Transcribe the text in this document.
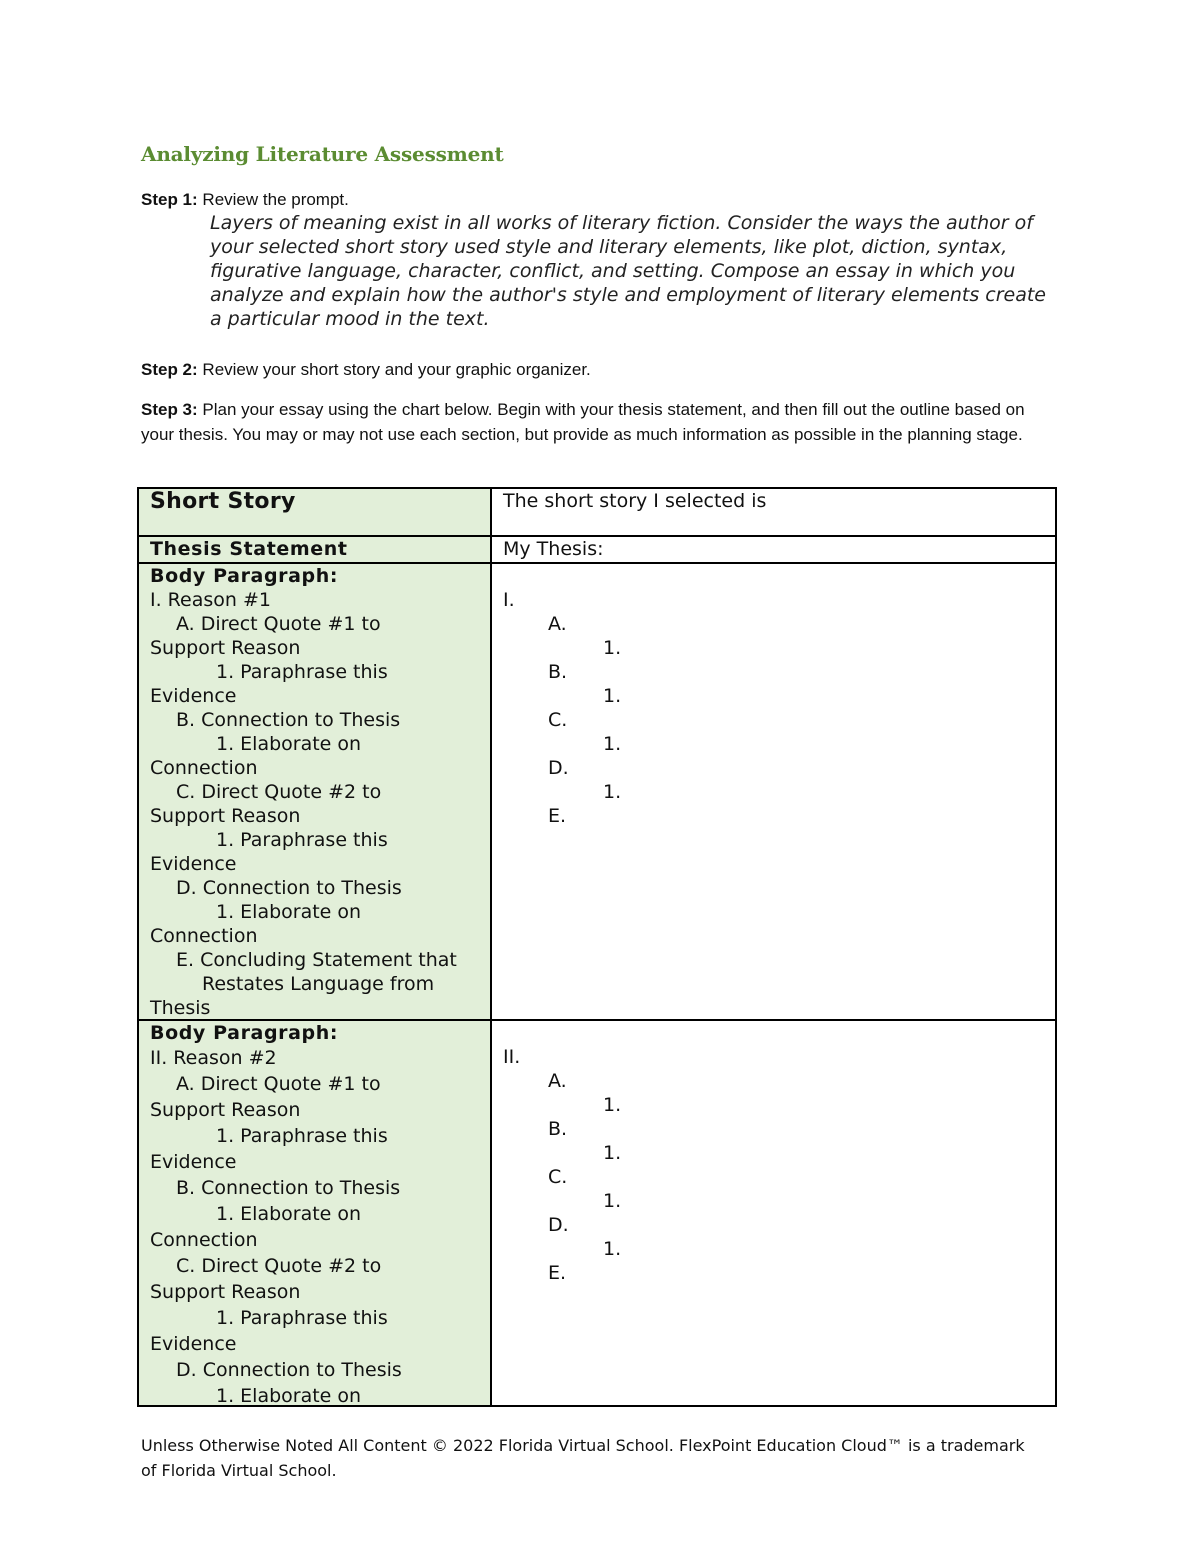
Analyzing Literature Assessment

Step 1: Review the prompt.

Layers of meaning exist in all works of literary fiction. Consider the ways the author of your selected short story used style and literary elements, like plot, diction, syntax, figurative language, character, conflict, and setting. Compose an essay in which you analyze and explain how the author's style and employment of literary elements create a particular mood in the text.

Step 2: Review your short story and your graphic organizer.

Step 3: Plan your essay using the chart below. Begin with your thesis statement, and then fill out the outline based on your thesis. You may or may not use each section, but provide as much information as possible in the planning stage.

Short Story	The short story I selected is
Thesis Statement	My Thesis:
Body Paragraph:
I. Reason #1
A. Direct Quote #1 to
Support Reason
1. Paraphrase this
Evidence
B. Connection to Thesis
1. Elaborate on
Connection
C. Direct Quote #2 to
Support Reason
1. Paraphrase this
Evidence
D. Connection to Thesis
1. Elaborate on
Connection
E. Concluding Statement that
Restates Language from
Thesis
I.
A.
1.
B.
1.
C.
1.
D.
1.
E.
Body Paragraph:
II. Reason #2
A. Direct Quote #1 to
Support Reason
1. Paraphrase this
Evidence
B. Connection to Thesis
1. Elaborate on
Connection
C. Direct Quote #2 to
Support Reason
1. Paraphrase this
Evidence
D. Connection to Thesis
1. Elaborate on
II.
A.
1.
B.
1.
C.
1.
D.
1.
E.

Unless Otherwise Noted All Content © 2022 Florida Virtual School. FlexPoint Education Cloud™ is a trademark of Florida Virtual School.
